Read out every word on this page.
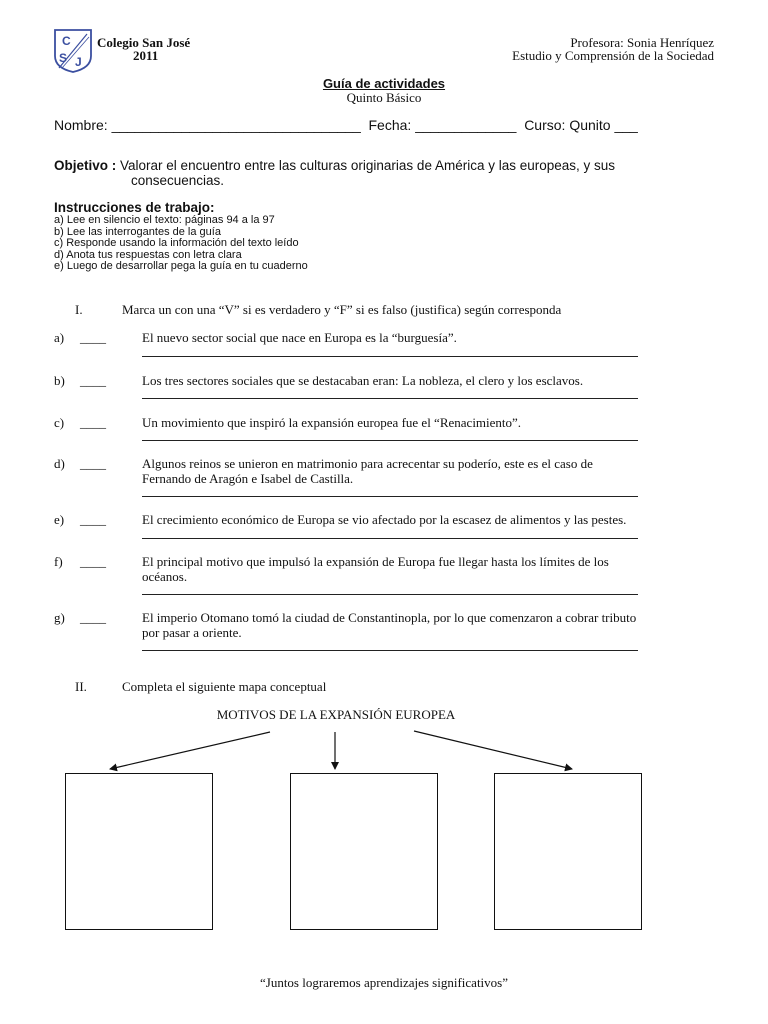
C
S J
Colegio San José
2011
Profesora: Sonia Henríquez
Estudio y Comprensión de la Sociedad
Guía de actividades
Quinto Básico
Nombre: ________________________________  Fecha: _____________  Curso: Qunito ___
Objetivo : Valorar el encuentro entre las culturas originarias de América y las europeas, y sus
consecuencias.
Instrucciones de trabajo:
a) Lee en silencio el texto: páginas 94 a la 97
b) Lee las interrogantes de la guía
c) Responde usando la información del texto leído
d) Anota tus respuestas con letra clara
e) Luego de desarrollar pega la guía en tu cuaderno
I.	Marca un con una “V” si es verdadero y “F” si es falso (justifica) según corresponda
a) ____	El nuevo sector social que nace en Europa es la “burguesía”.
b) ____	Los tres sectores sociales que se destacaban eran: La nobleza, el clero y los esclavos.
c) ____	Un movimiento que inspiró la expansión europea fue el “Renacimiento”.
d) ____	Algunos reinos se unieron en matrimonio para acrecentar su poderío, este es el caso de
Fernando de Aragón e Isabel de Castilla.
e) ____	El crecimiento económico de Europa se vio afectado por la escasez de alimentos y las pestes.
f) ____	El principal motivo que impulsó la expansión de Europa fue llegar hasta los límites de los
océanos.
g) ____	El imperio Otomano tomó la ciudad de Constantinopla, por lo que comenzaron a cobrar tributo
por pasar a oriente.
II.	Completa el siguiente mapa conceptual
MOTIVOS DE LA EXPANSIÓN EUROPEA
“Juntos lograremos aprendizajes significativos”
